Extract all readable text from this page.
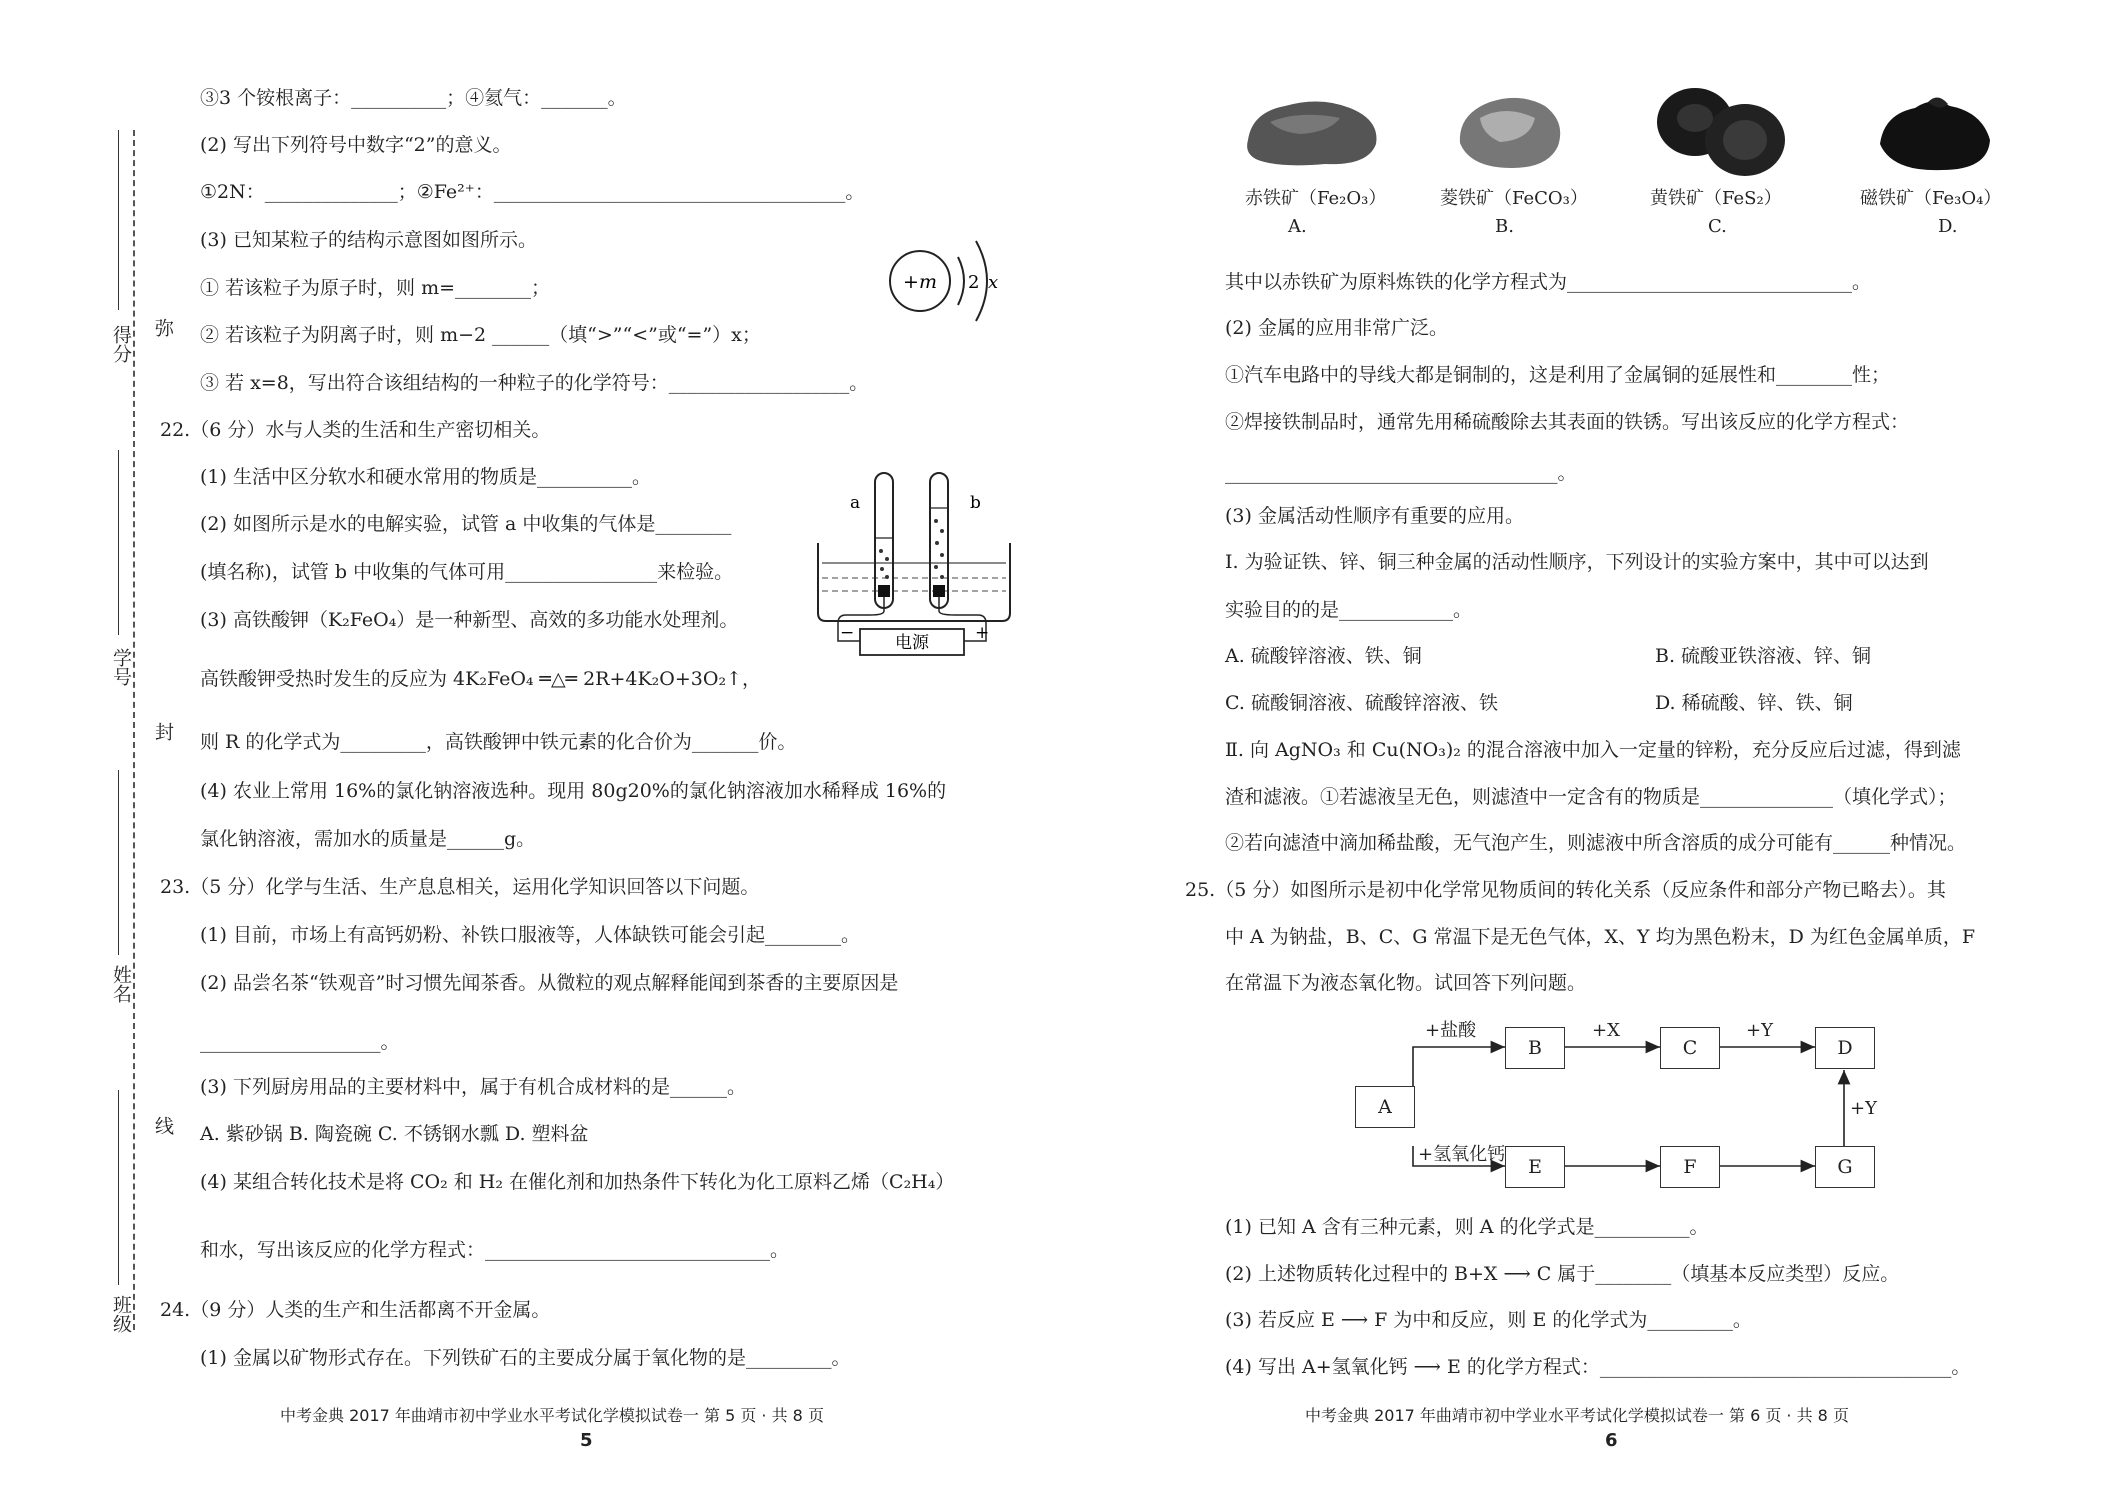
得分 弥
学号
封
姓名
线
班级
③3 个铵根离子：__________；④氦气：_______。
(2) 写出下列符号中数字“2”的意义。
①2N：______________；②Fe²⁺：_____________________________________。
(3) 已知某粒子的结构示意图如图所示。
① 若该粒子为原子时，则 m=________；
② 若该粒子为阴离子时，则 m−2 ______（填“>”“<”或“=”）x；
③ 若 x=8，写出符合该组结构的一种粒子的化学符号：___________________。
22.（6 分）水与人类的生活和生产密切相关。
(1) 生活中区分软水和硬水常用的物质是__________。
(2) 如图所示是水的电解实验，试管 a 中收集的气体是________
(填名称)，试管 b 中收集的气体可用________________来检验。
(3) 高铁酸钾（K₂FeO₄）是一种新型、高效的多功能水处理剂。
高铁酸钾受热时发生的反应为 4K₂FeO₄ ═△═ 2R+4K₂O+3O₂↑，
则 R 的化学式为_________，高铁酸钾中铁元素的化合价为_______价。
(4) 农业上常用 16%的氯化钠溶液选种。现用 80g20%的氯化钠溶液加水稀释成 16%的
氯化钠溶液，需加水的质量是______g。
23.（5 分）化学与生活、生产息息相关，运用化学知识回答以下问题。
(1) 目前，市场上有高钙奶粉、补铁口服液等，人体缺铁可能会引起________。
(2) 品尝名茶“铁观音”时习惯先闻茶香。从微粒的观点解释能闻到茶香的主要原因是
___________________。
(3) 下列厨房用品的主要材料中，属于有机合成材料的是______。
A. 紫砂锅 B. 陶瓷碗 C. 不锈钢水瓢 D. 塑料盆
(4) 某组合转化技术是将 CO₂ 和 H₂ 在催化剂和加热条件下转化为化工原料乙烯（C₂H₄）
和水，写出该反应的化学方程式：______________________________。
24.（9 分）人类的生产和生活都离不开金属。
(1) 金属以矿物形式存在。下列铁矿石的主要成分属于氧化物的是_________。
+m 2 x
电源
−	+
a	b
中考金典 2017 年曲靖市初中学业水平考试化学模拟试卷一 第 5 页 · 共 8 页
5
赤铁矿（Fe₂O₃）	菱铁矿（FeCO₃）	黄铁矿（FeS₂）	磁铁矿（Fe₃O₄）
A.	B.	C.	D.
其中以赤铁矿为原料炼铁的化学方程式为______________________________。
(2) 金属的应用非常广泛。
①汽车电路中的导线大都是铜制的，这是利用了金属铜的延展性和________性；
②焊接铁制品时，通常先用稀硫酸除去其表面的铁锈。写出该反应的化学方程式：
___________________________________。
(3) 金属活动性顺序有重要的应用。
Ⅰ. 为验证铁、锌、铜三种金属的活动性顺序，下列设计的实验方案中，其中可以达到
实验目的的是____________。
A. 硫酸锌溶液、铁、铜	B. 硫酸亚铁溶液、锌、铜
C. 硫酸铜溶液、硫酸锌溶液、铁	D. 稀硫酸、锌、铁、铜
Ⅱ. 向 AgNO₃ 和 Cu(NO₃)₂ 的混合溶液中加入一定量的锌粉，充分反应后过滤，得到滤
渣和滤液。①若滤液呈无色，则滤渣中一定含有的物质是______________（填化学式）；
②若向滤渣中滴加稀盐酸，无气泡产生，则滤液中所含溶质的成分可能有______种情况。
25.（5 分）如图所示是初中化学常见物质间的转化关系（反应条件和部分产物已略去）。其
中 A 为钠盐，B、C、G 常温下是无色气体，X、Y 均为黑色粉末，D 为红色金属单质，F
在常温下为液态氧化物。试回答下列问题。
A
B	C	D
E	F	G
+盐酸
+氢氧化钙
+X	+Y
+Y
(1) 已知 A 含有三种元素，则 A 的化学式是__________。
(2) 上述物质转化过程中的 B+X ⟶ C 属于________（填基本反应类型）反应。
(3) 若反应 E ⟶ F 为中和反应，则 E 的化学式为_________。
(4) 写出 A+氢氧化钙 ⟶ E 的化学方程式：_____________________________________。
中考金典 2017 年曲靖市初中学业水平考试化学模拟试卷一 第 6 页 · 共 8 页
6
